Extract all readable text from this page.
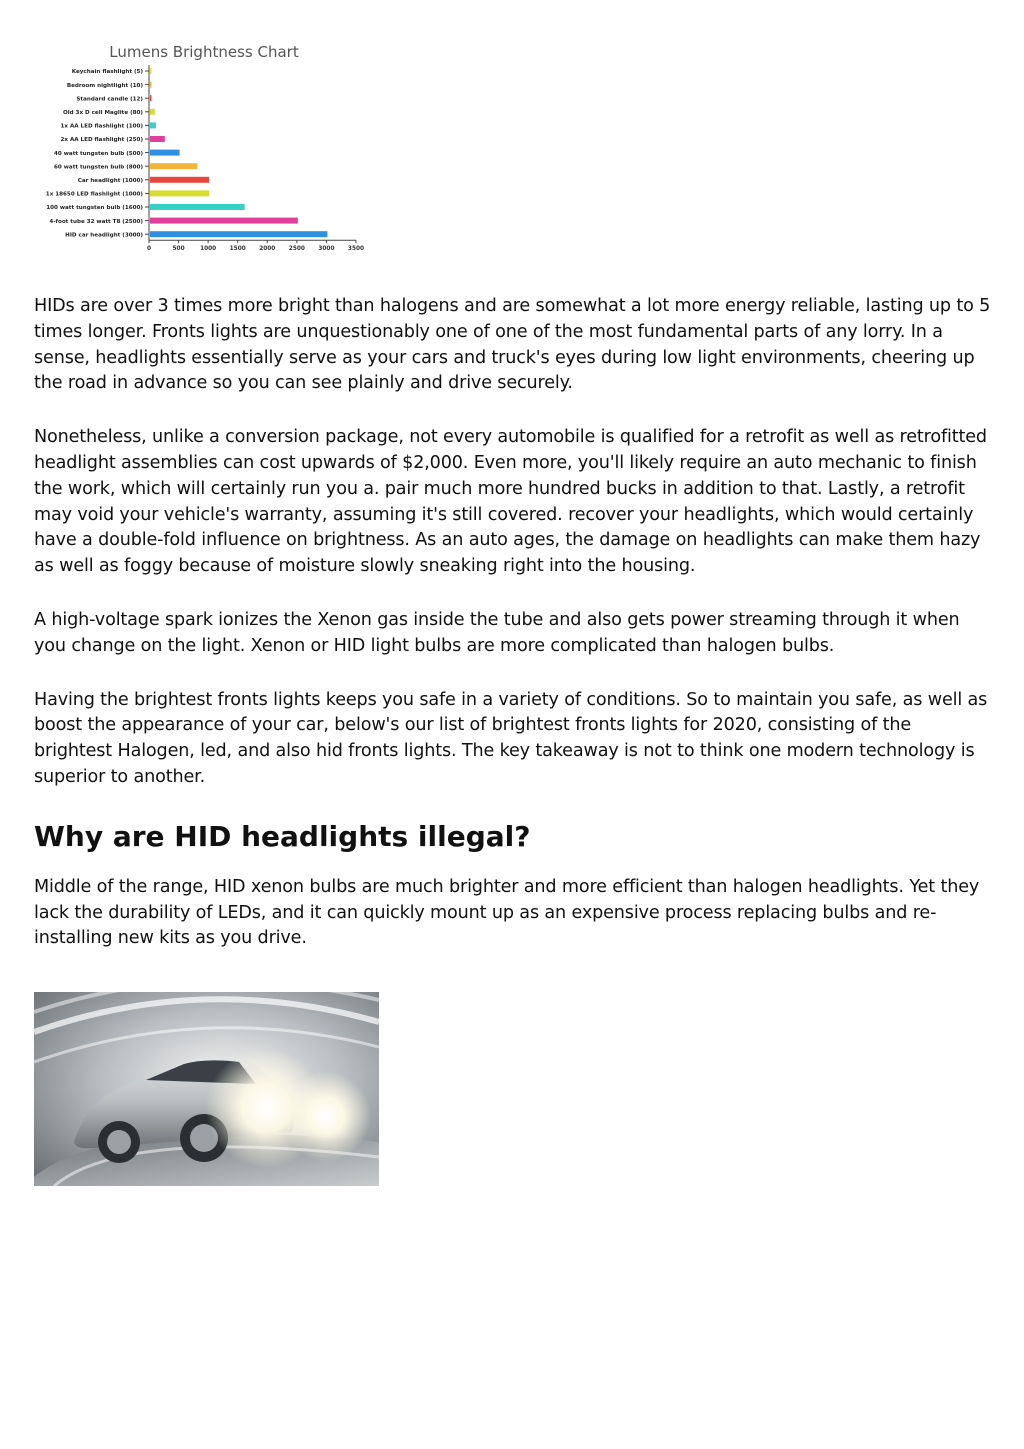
Lumens Brightness Chart
Keychain flashlight (5)
Bedroom nightlight (10)
Standard candle (12)
Old 3x D cell Maglite (80)
1x AA LED flashlight (100)
2x AA LED flashlight (250)
40 watt tungsten bulb (500)
60 watt tungsten bulb (800)
Car headlight (1000)
1x 18650 LED flashlight (1000)
100 watt tungsten bulb (1600)
4-foot tube 32 watt T8 (2500)
HID car headlight (3000)
0	500	1000 1500 2000 2500 3000 3500

HIDs are over 3 times more bright than halogens and are somewhat a lot more energy reliable, lasting up to 5 times longer. Fronts lights are unquestionably one of one of the most fundamental parts of any lorry. In a sense, headlights essentially serve as your cars and truck's eyes during low light environments, cheering up the road in advance so you can see plainly and drive securely.

Nonetheless, unlike a conversion package, not every automobile is qualified for a retrofit as well as retrofitted headlight assemblies can cost upwards of $2,000. Even more, you'll likely require an auto mechanic to finish the work, which will certainly run you a. pair much more hundred bucks in addition to that. Lastly, a retrofit may void your vehicle's warranty, assuming it's still covered. recover your headlights, which would certainly have a double-fold influence on brightness. As an auto ages, the damage on headlights can make them hazy as well as foggy because of moisture slowly sneaking right into the housing.

A high-voltage spark ionizes the Xenon gas inside the tube and also gets power streaming through it when you change on the light. Xenon or HID light bulbs are more complicated than halogen bulbs.

Having the brightest fronts lights keeps you safe in a variety of conditions. So to maintain you safe, as well as boost the appearance of your car, below's our list of brightest fronts lights for 2020, consisting of the brightest Halogen, led, and also hid fronts lights. The key takeaway is not to think one modern technology is superior to another.

Why are HID headlights illegal?

Middle of the range, HID xenon bulbs are much brighter and more efficient than halogen headlights. Yet they lack the durability of LEDs, and it can quickly mount up as an expensive process replacing bulbs and re-installing new kits as you drive.
